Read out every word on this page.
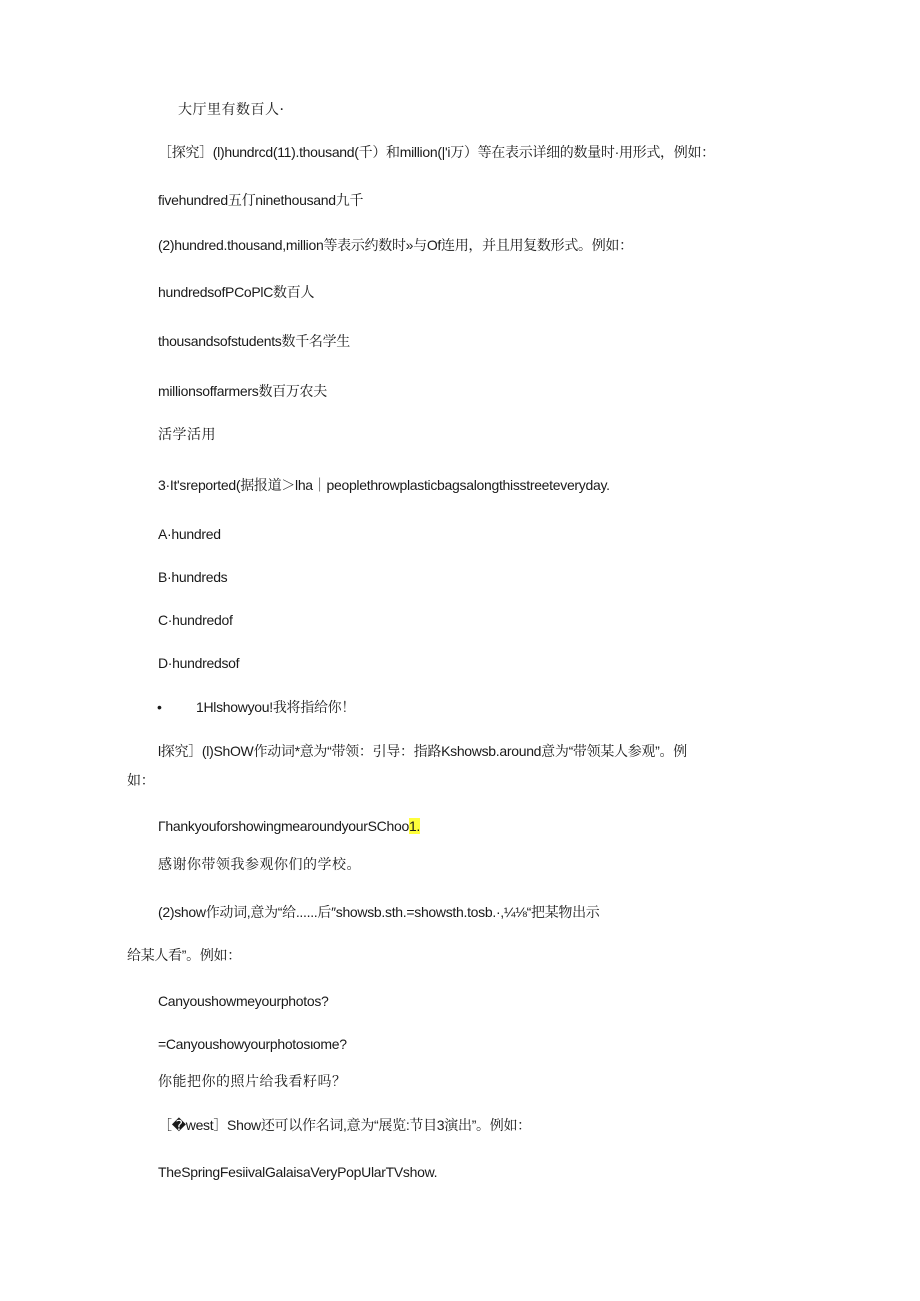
大厅里有数百人·
［探究］(l)hundrcd(11).thousand(千）和million(|'i万）等在表示详细的数量时·用形式，例如：
fivehundred五仃ninethousand九千
(2)hundred.thousand,million等表示约数时»与Of连用，并且用复数形式。例如：
hundredsofPCoPlC数百人
thousandsofstudents数千名学生
millionsoffarmers数百万农夫
活学活用
3·It'sreported(据报道＞lha｜peoplethrowplasticbagsalongthisstreeteveryday.
A·hundred
B·hundreds
C·hundredof
D·hundredsof
• 1Hlshowyou!我将指给你！
l探究］(l)ShOW作动词*意为“带领：引导：指路Kshowsb.around意为“带领某人参观”。例
如：
ΓhankyouforshowingmearoundyourSChoo1.
感谢你带领我参观你们的学校。
(2)show作动词,意为“给......后″showsb.sth.=showsth.tosb.·,¼⅛“把某物出示
给某人看”。例如：
Canyoushowmeyourphotos?
=Canyoushowyourphotosιome?
你能把你的照片给我看籽吗？
［�west］Show还可以作名词,意为“展览:节目3演出”。例如：
TheSpringFesiivalGalaisaVeryPopUlarTVshow.
